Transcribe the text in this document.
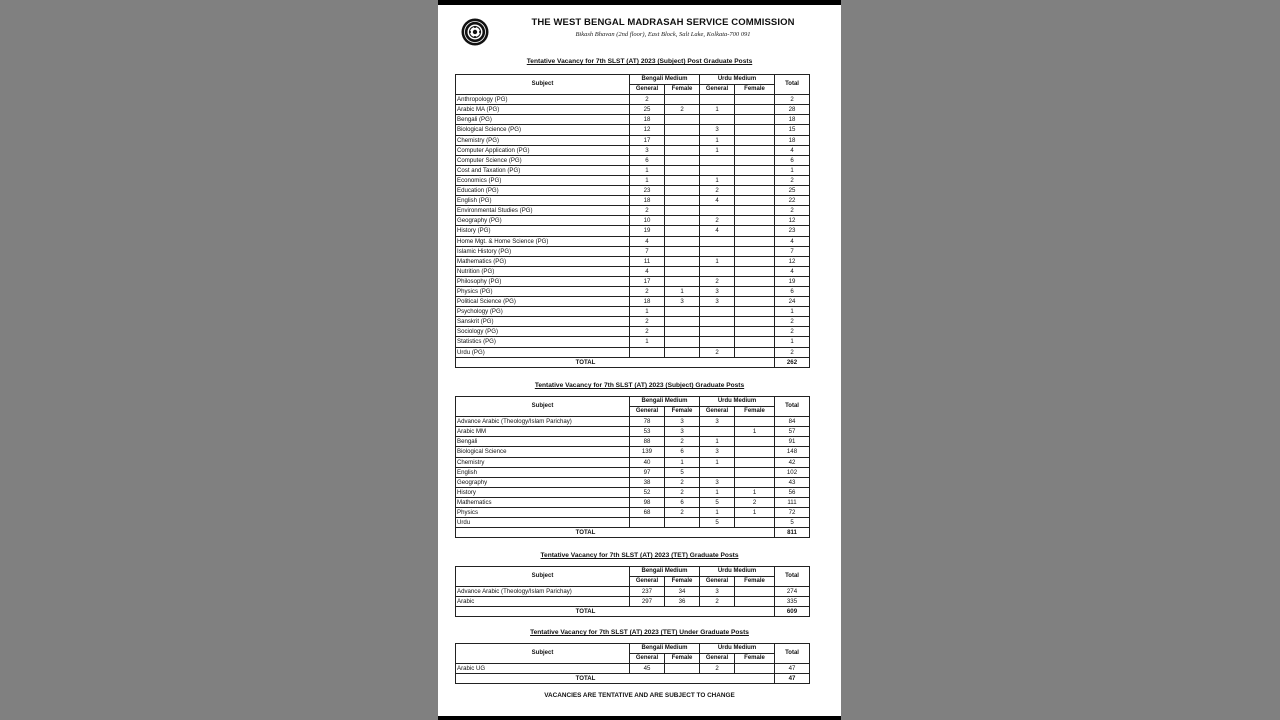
THE WEST BENGAL MADRASAH SERVICE COMMISSION
Bikash Bhavan (2nd floor), East Block, Salt Lake, Kolkata-700 091
Tentative Vacancy for 7th SLST (AT) 2023 (Subject) Post Graduate Posts
Subject	Bengali Medium		Urdu Medium		Total
	General	Female	General	Female	
Anthropology (PG)	2				2
Arabic MA (PG)	25	2	1		28
Bengali (PG)	18				18
Biological Science (PG)	12		3		15
Chemistry (PG)	17		1		18
Computer Application (PG)	3		1		4
Computer Science (PG)	6				6
Cost and Taxation (PG)	1				1
Economics (PG)	1		1		2
Education (PG)	23		2		25
English (PG)	18		4		22
Environmental Studies (PG)	2				2
Geography (PG)	10		2		12
History (PG)	19		4		23
Home Mgt. & Home Science (PG)	4				4
Islamic History (PG)	7				7
Mathematics (PG)	11		1		12
Nutrition (PG)	4				4
Philosophy (PG)	17		2		19
Physics (PG)	2	1	3		6
Political Science (PG)	18	3	3		24
Psychology (PG)	1				1
Sanskrit (PG)	2				2
Sociology (PG)	2				2
Statistics (PG)	1				1
Urdu (PG)			2		2
TOTAL					262
Tentative Vacancy for 7th SLST (AT) 2023 (Subject) Graduate Posts
Subject	Bengali Medium		Urdu Medium		Total
	General	Female	General	Female	
Advance Arabic (Theology/Islam Parichay)	78	3	3		84
Arabic MM	53	3		1	57
Bengali	88	2	1		91
Biological Science	139	6	3		148
Chemistry	40	1	1		42
English	97	5			102
Geography	38	2	3		43
History	52	2	1	1	56
Mathematics	98	6	5	2	111
Physics	68	2	1	1	72
Urdu			5		5
TOTAL					811
Tentative Vacancy for 7th SLST (AT) 2023 (TET) Graduate Posts
Subject	Bengali Medium		Urdu Medium		Total
	General	Female	General	Female	
Advance Arabic (Theology/Islam Parichay)	237	34	3		274
Arabic	297	36	2		335
TOTAL					609
Tentative Vacancy for 7th SLST (AT) 2023 (TET) Under Graduate Posts
Subject	Bengali Medium		Urdu Medium		Total
	General	Female	General	Female	
Arabic UG	45		2		47
TOTAL					47
VACANCIES ARE TENTATIVE AND ARE SUBJECT TO CHANGE
